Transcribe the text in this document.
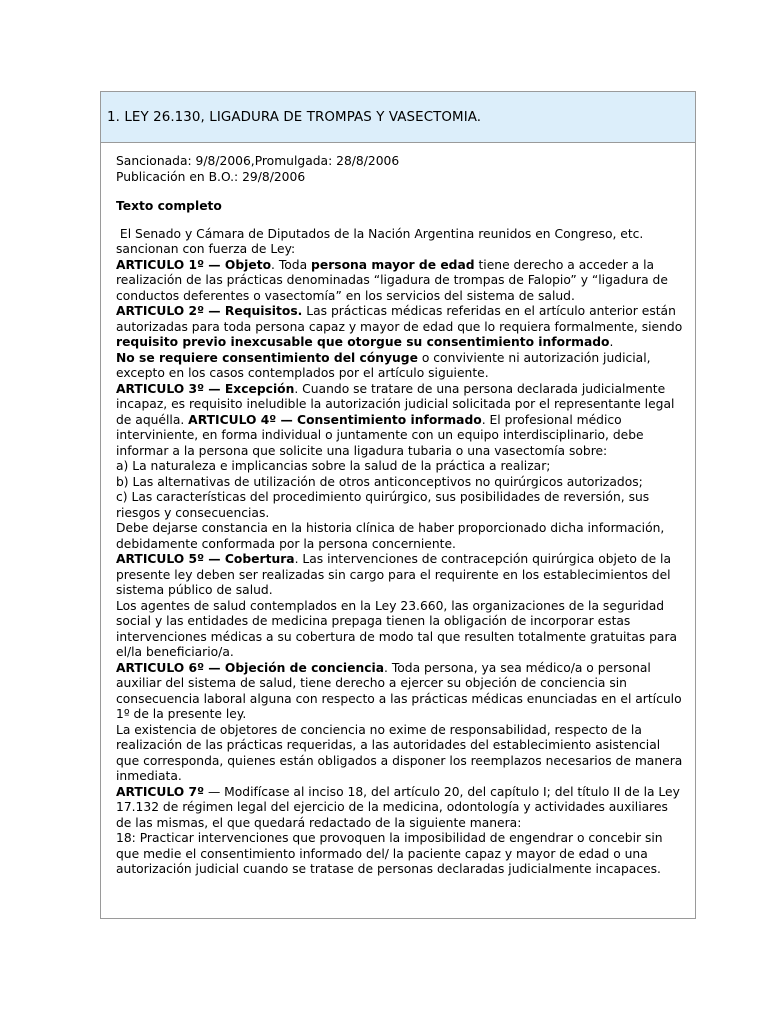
1. LEY 26.130, LIGADURA DE TROMPAS Y VASECTOMIA.

Sancionada: 9/8/2006,Promulgada: 28/8/2006

Publicación en B.O.: 29/8/2006

Texto completo

El Senado y Cámara de Diputados de la Nación Argentina reunidos en Congreso, etc. sancionan con fuerza de Ley:

ARTICULO 1º — Objeto. Toda persona mayor de edad tiene derecho a acceder a la realización de las prácticas denominadas “ligadura de trompas de Falopio” y “ligadura de conductos deferentes o vasectomía” en los servicios del sistema de salud.

ARTICULO 2º — Requisitos. Las prácticas médicas referidas en el artículo anterior están autorizadas para toda persona capaz y mayor de edad que lo requiera formalmente, siendo requisito previo inexcusable que otorgue su consentimiento informado.

No se requiere consentimiento del cónyuge o conviviente ni autorización judicial, excepto en los casos contemplados por el artículo siguiente.

ARTICULO 3º — Excepción. Cuando se tratare de una persona declarada judicialmente incapaz, es requisito ineludible la autorización judicial solicitada por el representante legal de aquélla. ARTICULO 4º — Consentimiento informado. El profesional médico interviniente, en forma individual o juntamente con un equipo interdisciplinario, debe informar a la persona que solicite una ligadura tubaria o una vasectomía sobre:

a) La naturaleza e implicancias sobre la salud de la práctica a realizar;

b) Las alternativas de utilización de otros anticonceptivos no quirúrgicos autorizados;

c) Las características del procedimiento quirúrgico, sus posibilidades de reversión, sus riesgos y consecuencias.

Debe dejarse constancia en la historia clínica de haber proporcionado dicha información, debidamente conformada por la persona concerniente.

ARTICULO 5º — Cobertura. Las intervenciones de contracepción quirúrgica objeto de la presente ley deben ser realizadas sin cargo para el requirente en los establecimientos del sistema público de salud.

Los agentes de salud contemplados en la Ley 23.660, las organizaciones de la seguridad social y las entidades de medicina prepaga tienen la obligación de incorporar estas intervenciones médicas a su cobertura de modo tal que resulten totalmente gratuitas para el/la beneficiario/a.

ARTICULO 6º — Objeción de conciencia. Toda persona, ya sea médico/a o personal auxiliar del sistema de salud, tiene derecho a ejercer su objeción de conciencia sin consecuencia laboral alguna con respecto a las prácticas médicas enunciadas en el artículo 1º de la presente ley.

La existencia de objetores de conciencia no exime de responsabilidad, respecto de la realización de las prácticas requeridas, a las autoridades del establecimiento asistencial que corresponda, quienes están obligados a disponer los reemplazos necesarios de manera inmediata.

ARTICULO 7º — Modifícase al inciso 18, del artículo 20, del capítulo I; del título II de la Ley 17.132 de régimen legal del ejercicio de la medicina, odontología y actividades auxiliares de las mismas, el que quedará redactado de la siguiente manera:

18: Practicar intervenciones que provoquen la imposibilidad de engendrar o concebir sin que medie el consentimiento informado del/ la paciente capaz y mayor de edad o una autorización judicial cuando se tratase de personas declaradas judicialmente incapaces.
